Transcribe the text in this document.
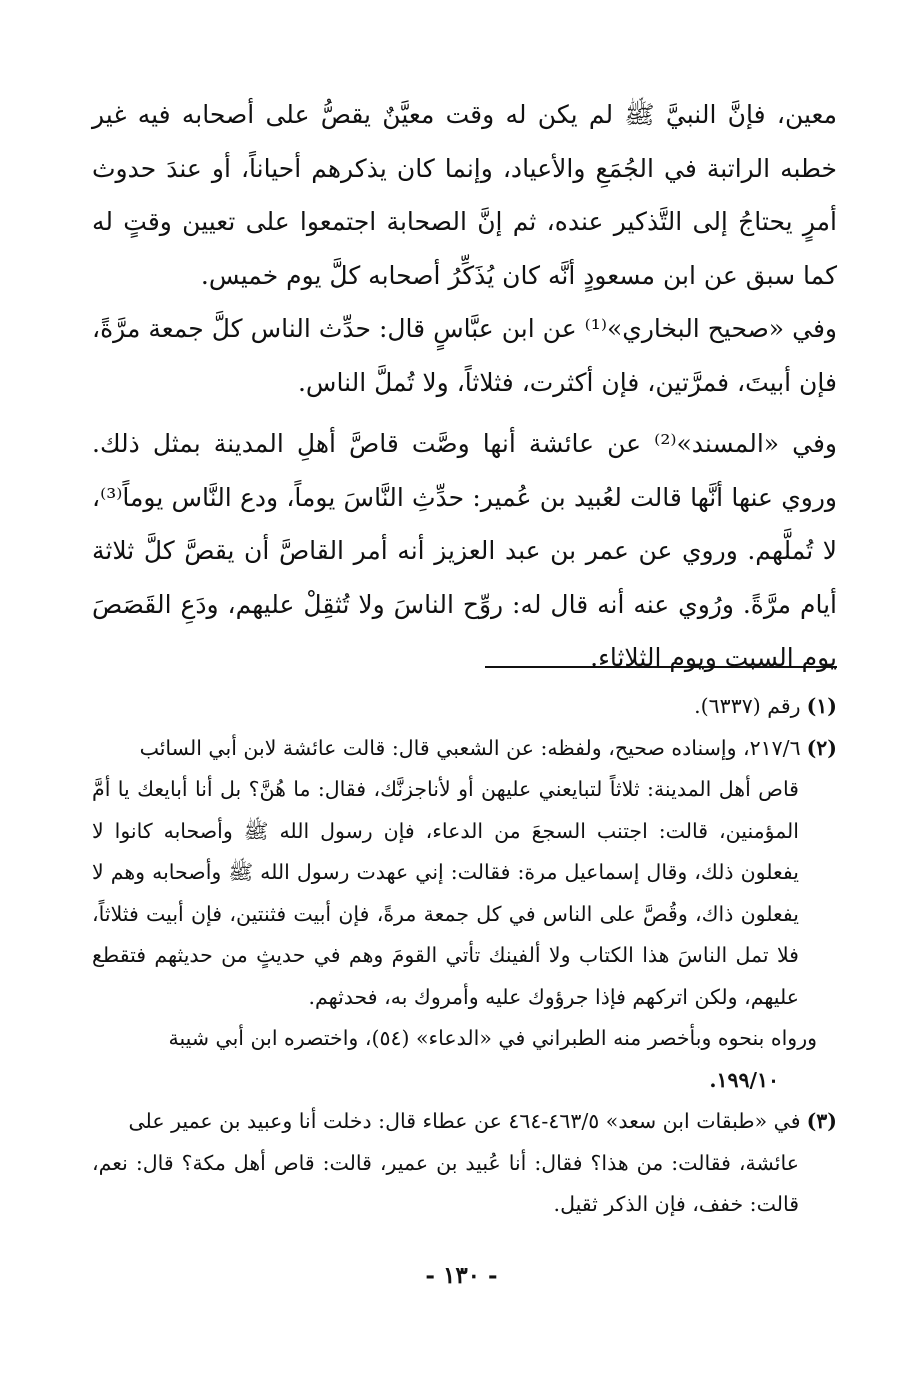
معين، فإنَّ النبيَّ ﷺ لم يكن له وقت معيَّنٌ يقصُّ على أصحابه فيه غير خطبه الراتبة في الجُمَعِ والأعياد، وإنما كان يذكرهم أحياناً، أو عندَ حدوث أمرٍ يحتاجُ إلى التَّذكير عنده، ثم إنَّ الصحابة اجتمعوا على تعيين وقتٍ له كما سبق عن ابن مسعودٍ أنَّه كان يُذَكِّرُ أصحابه كلَّ يوم خميس.

وفي «صحيح البخاري»⁽¹⁾ عن ابن عبَّاسٍ قال: حدِّث الناس كلَّ جمعة مرَّةً، فإن أبيتَ، فمرَّتين، فإن أكثرت، فثلاثاً، ولا تُملَّ الناس.

وفي «المسند»⁽²⁾ عن عائشة أنها وصَّت قاصَّ أهلِ المدينة بمثل ذلك. وروي عنها أنَّها قالت لعُبيد بن عُمير: حدِّثِ النَّاسَ يوماً، ودع النَّاس يوماً⁽³⁾، لا تُملَّهم. وروي عن عمر بن عبد العزيز أنه أمر القاصَّ أن يقصَّ كلَّ ثلاثة أيام مرَّةً. ورُوي عنه أنه قال له: روِّح الناسَ ولا تُثقِلْ عليهم، ودَعِ القَصَصَ يوم السبت ويوم الثلاثاء.

(١)رقم (٦٣٣٧).

(٢)٢١٧/٦، وإسناده صحيح، ولفظه: عن الشعبي قال: قالت عائشة لابن أبي السائب
قاص أهل المدينة: ثلاثاً لتبايعني عليهن أو لأناجزنَّك، فقال: ما هُنَّ؟ بل أنا أبايعك يا أمَّ المؤمنين، قالت: اجتنب السجعَ من الدعاء، فإن رسول الله ﷺ وأصحابه كانوا لا يفعلون ذلك، وقال إسماعيل مرة: فقالت: إني عهدت رسول الله ﷺ وأصحابه وهم لا يفعلون ذاك، وقُصَّ على الناس في كل جمعة مرةً، فإن أبيت فثنتين، فإن أبيت فثلاثاً، فلا تمل الناسَ هذا الكتاب ولا ألفينك تأتي القومَ وهم في حديثٍ من حديثهم فتقطع عليهم، ولكن اتركهم فإذا جرؤوك عليه وأمروك به، فحدثهم.

ورواه بنحوه وبأخصر منه الطبراني في «الدعاء» (٥٤)، واختصره ابن أبي شيبة
١٩٩/١٠.

(٣)في «طبقات ابن سعد» ٤٦٣/٥-٤٦٤ عن عطاء قال: دخلت أنا وعبيد بن عمير على
عائشة، فقالت: من هذا؟ فقال: أنا عُبيد بن عمير، قالت: قاص أهل مكة؟ قال: نعم، قالت: خفف، فإن الذكر ثقيل.

- ١٣٠ -
